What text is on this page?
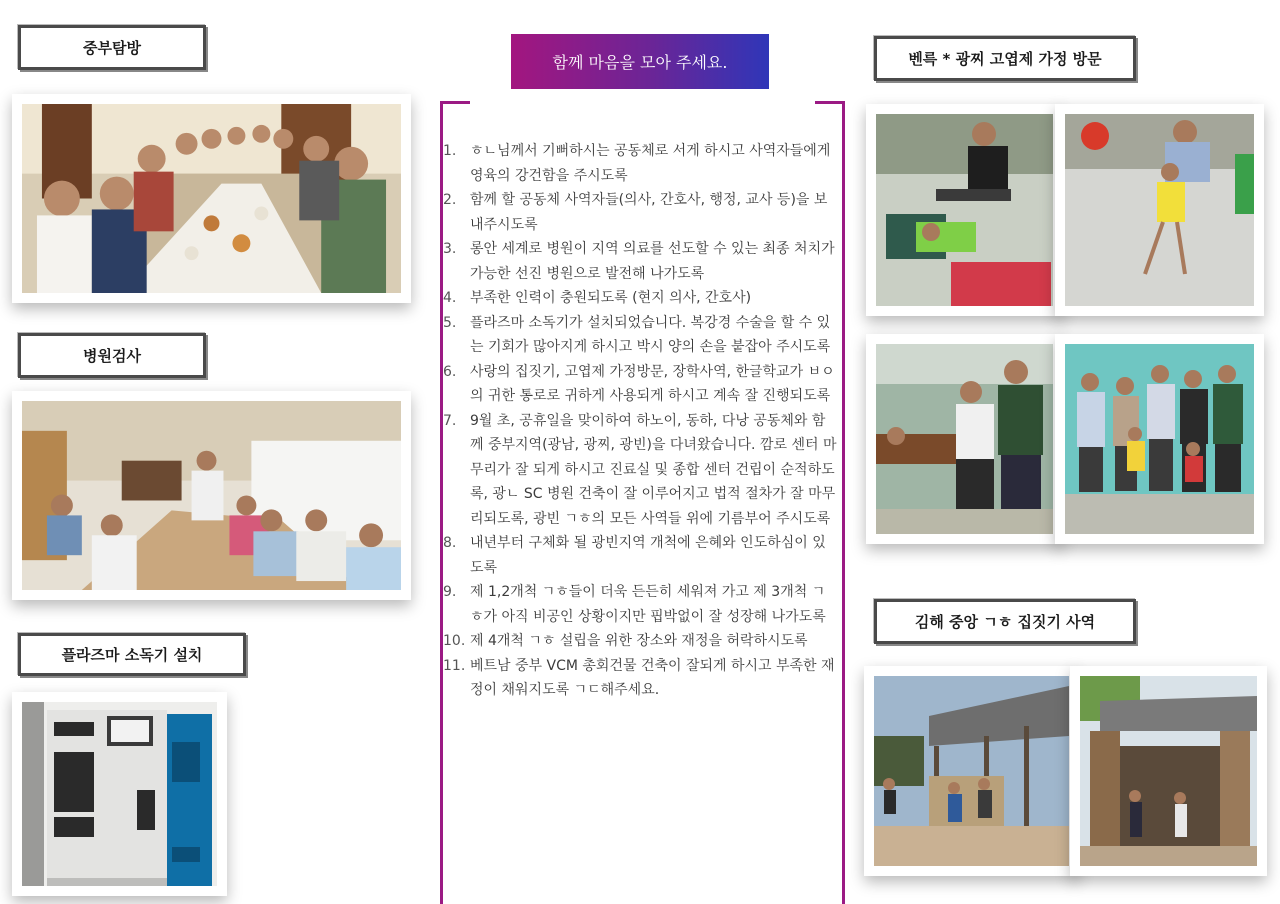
중부탐방
병원검사
플라즈마 소독기 설치
함께 마음을 모아 주세요.
1. ㅎㄴ님께서 기뻐하시는 공동체로 서게 하시고 사역자들에게 영육의 강건함을 주시도록
2. 함께 할 공동체 사역자들(의사, 간호사, 행정, 교사 등)을 보내주시도록
3. 롱안 세계로 병원이 지역 의료를 선도할 수 있는 최종 처치가 가능한 선진 병원으로 발전해 나가도록
4. 부족한 인력이 충원되도록 (현지 의사, 간호사)
5. 플라즈마 소독기가 설치되었습니다. 복강경 수술을 할 수 있는 기회가 많아지게 하시고 박시 양의 손을 붙잡아 주시도록
6. 사랑의 집짓기, 고엽제 가정방문, 장학사역, 한글학교가 ㅂㅇ의 귀한 통로로 귀하게 사용되게 하시고 계속 잘 진행되도록
7. 9월 초, 공휴일을 맞이하여 하노이, 동하, 다낭 공동체와 함께 중부지역(광남, 광찌, 광빈)을 다녀왔습니다. 깜로 센터 마무리가 잘 되게 하시고 진료실 및 종합 센터 건립이 순적하도록, 광ㄴ SC 병원 건축이 잘 이루어지고 법적 절차가 잘 마무리되도록, 광빈 ㄱㅎ의 모든 사역들 위에 기름부어 주시도록
8. 내년부터 구체화 될 광빈지역 개척에 은혜와 인도하심이 있도록
9. 제 1,2개척 ㄱㅎ들이 더욱 든든히 세워져 가고 제 3개척 ㄱㅎ가 아직 비공인 상황이지만 핍박없이 잘 성장해 나가도록
10. 제 4개척 ㄱㅎ 설립을 위한 장소와 재정을 허락하시도록
11. 베트남 중부 VCM 총회건물 건축이 잘되게 하시고 부족한 재정이 채워지도록 ㄱㄷ해주세요.
벤륵 * 광찌 고엽제 가정 방문
김해 중앙 ㄱㅎ 집짓기 사역
